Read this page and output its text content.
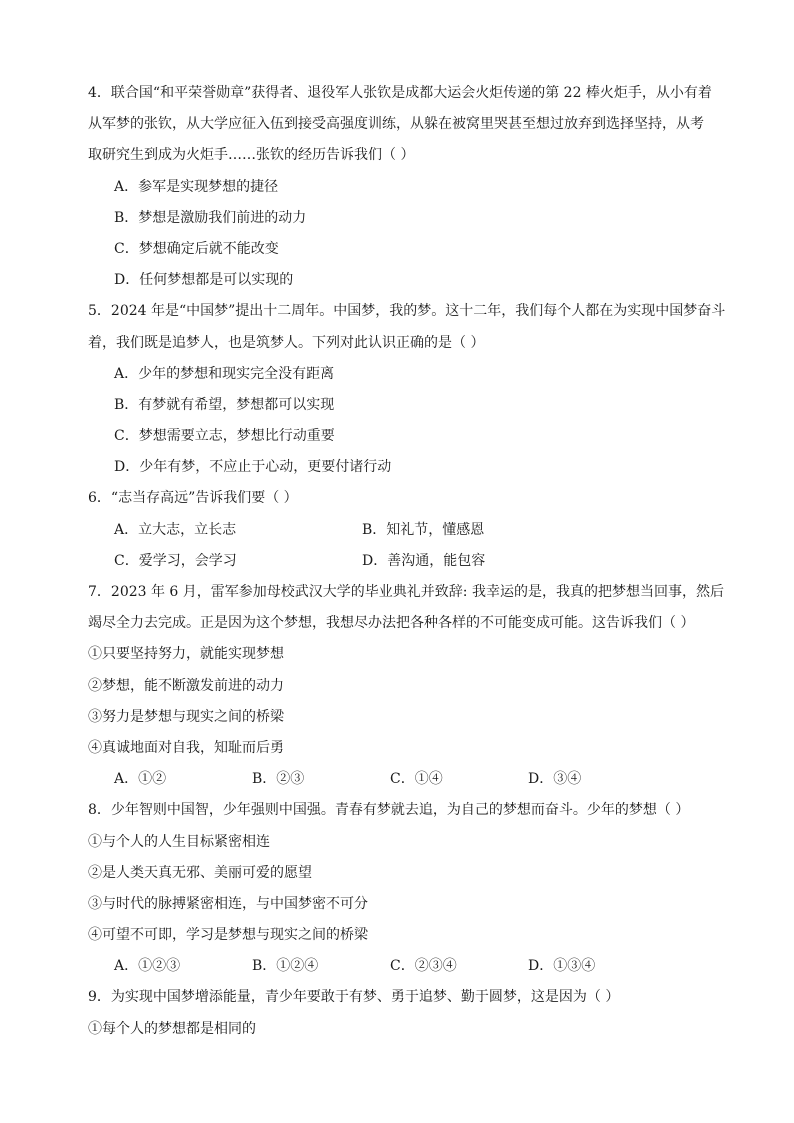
4．联合国“和平荣誉勋章”获得者、退役军人张钦是成都大运会火炬传递的第 22 棒火炬手，从小有着
从军梦的张钦，从大学应征入伍到接受高强度训练，从躲在被窝里哭甚至想过放弃到选择坚持，从考
取研究生到成为火炬手……张钦的经历告诉我们（ ）
A．参军是实现梦想的捷径
B．梦想是激励我们前进的动力
C．梦想确定后就不能改变
D．任何梦想都是可以实现的
5．2024 年是“中国梦”提出十二周年。中国梦，我的梦。这十二年，我们每个人都在为实现中国梦奋斗
着，我们既是追梦人，也是筑梦人。下列对此认识正确的是（ ）
A．少年的梦想和现实完全没有距离
B．有梦就有希望，梦想都可以实现
C．梦想需要立志，梦想比行动重要
D．少年有梦，不应止于心动，更要付诸行动
6．“志当存高远”告诉我们要（ ）
A．立大志，立长志	B．知礼节，懂感恩
C．爱学习，会学习	D．善沟通，能包容
7．2023 年 6 月，雷军参加母校武汉大学的毕业典礼并致辞: 我幸运的是，我真的把梦想当回事，然后
竭尽全力去完成。正是因为这个梦想，我想尽办法把各种各样的不可能变成可能。这告诉我们（ ）
①只要坚持努力，就能实现梦想
②梦想，能不断激发前进的动力
③努力是梦想与现实之间的桥梁
④真诚地面对自我，知耻而后勇
A．①②	B．②③	C．①④	D．③④
8．少年智则中国智，少年强则中国强。青春有梦就去追，为自己的梦想而奋斗。少年的梦想（ ）
①与个人的人生目标紧密相连
②是人类天真无邪、美丽可爱的愿望
③与时代的脉搏紧密相连，与中国梦密不可分
④可望不可即，学习是梦想与现实之间的桥梁
A．①②③	B．①②④	C．②③④	D．①③④
9．为实现中国梦增添能量，青少年要敢于有梦、勇于追梦、勤于圆梦，这是因为（ ）
①每个人的梦想都是相同的
